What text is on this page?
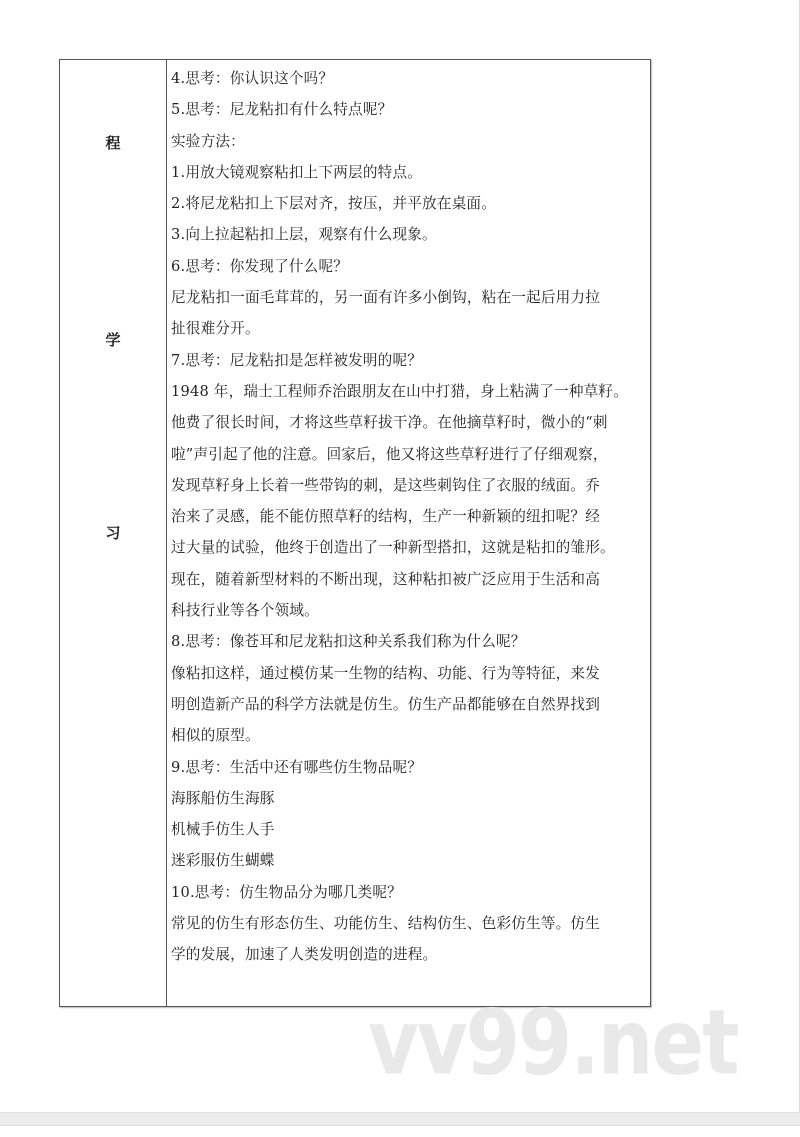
程
学
习
4.思考：你认识这个吗？
5.思考：尼龙粘扣有什么特点呢？
实验方法：
1.用放大镜观察粘扣上下两层的特点。
2.将尼龙粘扣上下层对齐，按压，并平放在桌面。
3.向上拉起粘扣上层，观察有什么现象。
6.思考：你发现了什么呢？
尼龙粘扣一面毛茸茸的，另一面有许多小倒钩，粘在一起后用力拉
扯很难分开。
7.思考：尼龙粘扣是怎样被发明的呢？
1948 年，瑞士工程师乔治跟朋友在山中打猎，身上粘满了一种草籽。
他费了很长时间，才将这些草籽拔干净。在他摘草籽时，微小的“刺
啦”声引起了他的注意。回家后，他又将这些草籽进行了仔细观察，
发现草籽身上长着一些带钩的刺，是这些刺钩住了衣服的绒面。乔
治来了灵感，能不能仿照草籽的结构，生产一种新颖的纽扣呢？经
过大量的试验，他终于创造出了一种新型搭扣，这就是粘扣的雏形。
现在，随着新型材料的不断出现，这种粘扣被广泛应用于生活和高
科技行业等各个领域。
8.思考：像苍耳和尼龙粘扣这种关系我们称为什么呢？
像粘扣这样，通过模仿某一生物的结构、功能、行为等特征，来发
明创造新产品的科学方法就是仿生。仿生产品都能够在自然界找到
相似的原型。
9.思考：生活中还有哪些仿生物品呢？
海豚船仿生海豚
机械手仿生人手
迷彩服仿生蝴蝶
10.思考：仿生物品分为哪几类呢？
常见的仿生有形态仿生、功能仿生、结构仿生、色彩仿生等。仿生
学的发展，加速了人类发明创造的进程。
vv99.net
